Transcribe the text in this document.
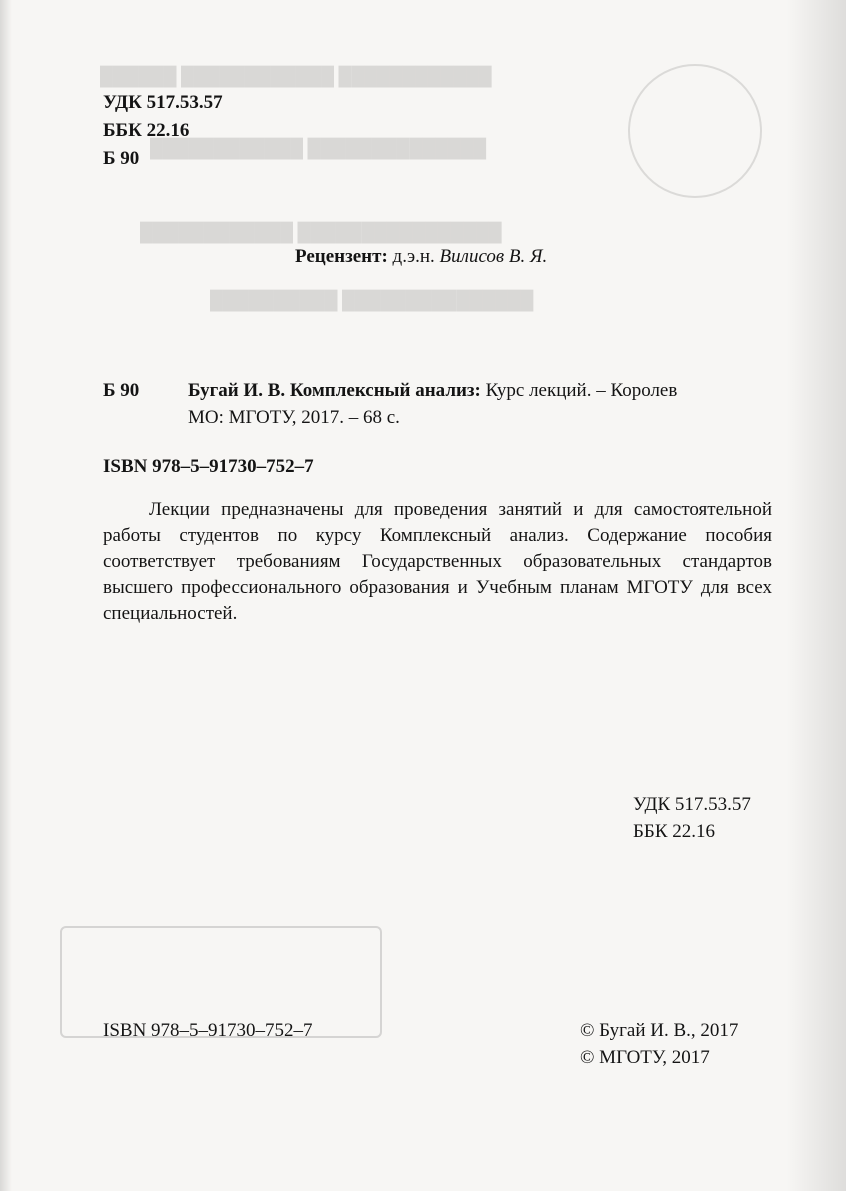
████████████ ████████████ ██████
██████████████ ████████████
████████████████ ████████████
███████████████ ██████████
УДК 517.53.57
ББК 22.16
Б 90
Рецензент: д.э.н. Вилисов В. Я.
Б 90	Бугай И. В. Комплексный анализ: Курс лекций. – Королев
МО: МГОТУ, 2017. – 68 с.
ISBN 978–5–91730–752–7
Лекции предназначены для проведения занятий и для самостоятельной работы студентов по курсу Комплексный анализ. Содержание пособия соответствует требованиям Государственных образовательных стандартов высшего профессионального образования и Учебным планам МГОТУ для всех специальностей.
УДК 517.53.57
ББК 22.16
ISBN 978–5–91730–752–7	© Бугай И. В., 2017
© МГОТУ, 2017
